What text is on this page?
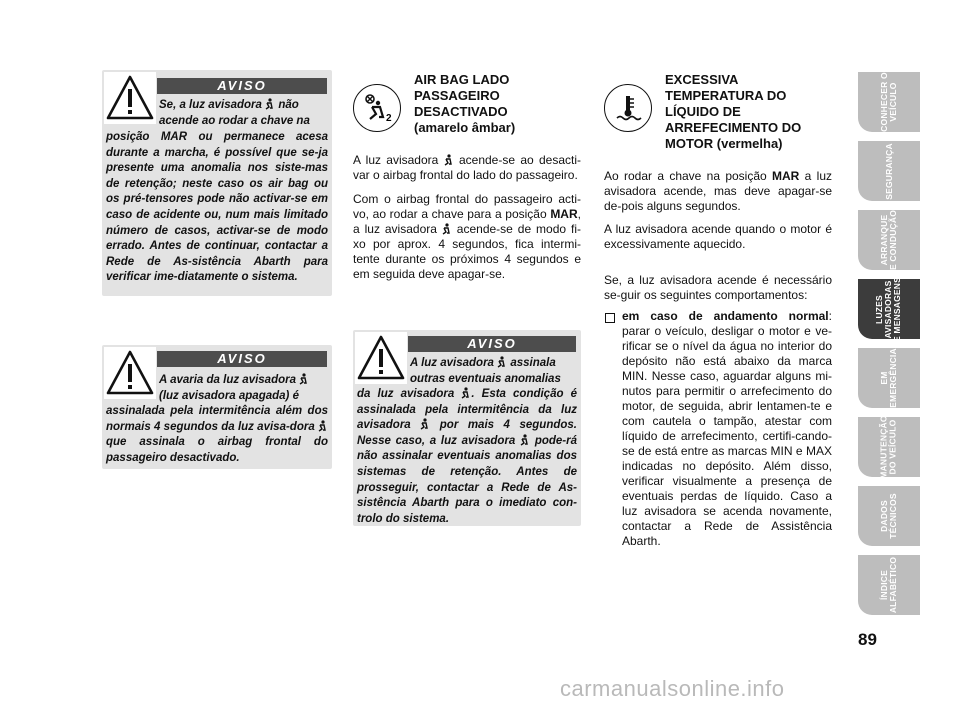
AVISO
Se, a luz avisadora não
acende ao rodar a chave na
posição MAR ou permanece acesa durante a marcha, é possível que se-ja presente uma anomalia nos siste-mas de retenção; neste caso os air bag ou os pré-tensores pode não activar-se em caso de acidente ou, num mais limitado número de casos, activar-se de modo errado. Antes de continuar, contactar a Rede de As-sistência Abarth para verificar ime-diatamente o sistema.
AVISO
A avaria da luz avisadora
(luz avisadora apagada) é
assinalada pela intermitência além dos normais 4 segundos da luz avisa-dora  que assinala o airbag frontal do passageiro desactivado.
2
AIR BAG LADO
PASSAGEIRO
DESACTIVADO
(amarelo âmbar)
A luz avisadora acende-se ao desacti-var o airbag frontal do lado do passageiro.
Com o airbag frontal do passageiro acti-vo, ao rodar a chave para a posição MAR, a luz avisadora acende-se de modo fi-xo por aprox. 4 segundos, fica intermi-tente durante os próximos 4 segundos e em seguida deve apagar-se.
AVISO
A luz avisadora assinala
outras eventuais anomalias
da luz avisadora . Esta condição é assinalada pela intermitência da luz avisadora	por mais 4 segundos. Nesse caso, a luz avisadora pode-rá não assinalar eventuais anomalias dos sistemas de retenção. Antes de prosseguir, contactar a Rede de As-sistência Abarth para o imediato con-trolo do sistema.
EXCESSIVA
TEMPERATURA DO
LÍQUIDO DE
ARREFECIMENTO DO
MOTOR (vermelha)
Ao rodar a chave na posição MAR a luz avisadora acende, mas deve apagar-se de-pois alguns segundos.
A luz avisadora acende quando o motor é excessivamente aquecido.
Se, a luz avisadora acende é necessário se-guir os seguintes comportamentos:
em caso de andamento normal: parar o veículo, desligar o motor e ve-rificar se o nível da água no interior do depósito não está abaixo da marca MIN. Nesse caso, aguardar alguns mi-nutos para permitir o arrefecimento do motor, de seguida, abrir lentamen-te e com cautela o tampão, atestar com líquido de arrefecimento, certifi-cando-se de está entre as marcas MIN e MAX indicadas no depósito. Além disso, verificar visualmente a presença de eventuais perdas de líquido. Caso a luz avisadora se acenda novamente, contactar a Rede de Assistência Abarth.
CONHECER O
VEÍCULO
SEGURANÇA
ARRANQUE
E CONDUÇÃO
LUZES
AVISADORAS
E MENSAGENS
EM
EMERGÊNCIA
MANUTENÇÃO
DO VEÍCULO
DADOS
TÉCNICOS
ÍNDICE
ALFABÉTICO
89
carmanualsonline.info
